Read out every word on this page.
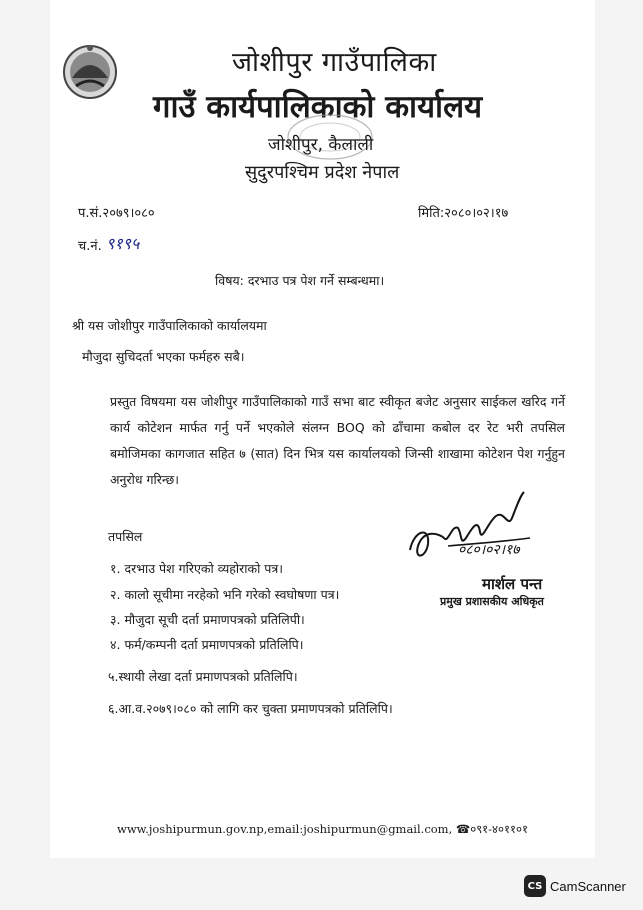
जोशीपुर गाउँपालिका
गाउँ कार्यपालिकाको कार्यालय
जोशीपुर, कैलाली
सुदुरपश्चिम प्रदेश नेपाल
प.सं.२०७९।०८०	मिति:२०८०।०२।१७
च.नं. ९१९५
विषय: दरभाउ पत्र पेश गर्ने सम्बन्धमा।
श्री यस जोशीपुर गाउँपालिकाको कार्यालयमा
मौजुदा सुचिदर्ता भएका फर्महरु सबै।
प्रस्तुत विषयमा यस जोशीपुर गाउँपालिकाको गाउँ सभा बाट स्वीकृत बजेट अनुसार साईकल खरिद गर्ने कार्य कोटेशन मार्फत गर्नु पर्ने भएकोले संलग्न BOQ को ढाँचामा कबोल दर रेट भरी तपसिल बमोजिमका कागजात सहित ७ (सात) दिन भित्र यस कार्यालयको जिन्सी शाखामा कोटेशन पेश गर्नुहुन अनुरोध गरिन्छ।
तपसिल
१. दरभाउ पेश गरिएको व्यहोराको पत्र।
२. कालो सूचीमा नरहेको भनि गरेको स्वघोषणा पत्र।
३. मौजुदा सूची दर्ता प्रमाणपत्रको प्रतिलिपी।
४. फर्म/कम्पनी दर्ता प्रमाणपत्रको प्रतिलिपि।
५.स्थायी लेखा दर्ता प्रमाणपत्रको प्रतिलिपि।
६.आ.व.२०७९।०८० को लागि कर चुक्ता प्रमाणपत्रको प्रतिलिपि।
०८०।०२।१७
मार्शल पन्त
प्रमुख प्रशासकीय अधिकृत
www.joshipurmun.gov.np,email:joshipurmun@gmail.com, ☎०९१-४०११०१
CS CamScanner
